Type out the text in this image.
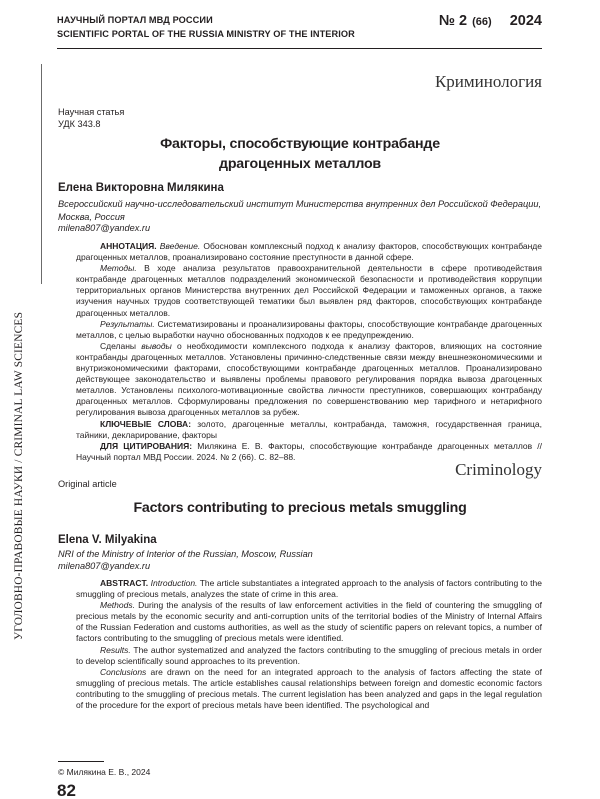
НАУЧНЫЙ ПОРТАЛ МВД РОССИИ
SCIENTIFIC PORTAL OF THE RUSSIA MINISTRY OF THE INTERIOR
№ 2 (66) 2024
УГОЛОВНО-ПРАВОВЫЕ НАУКИ / CRIMINAL LAW SCIENCES
Криминология
Научная статья
УДК 343.8
Факторы, способствующие контрабанде
драгоценных металлов
Елена Викторовна Милякина
Всероссийский научно-исследовательский институт Министерства внутренних дел Российской Федерации,
Москва, Россия
milena807@yandex.ru

АННОТАЦИЯ. Введение. Обоснован комплексный подход к анализу факторов, способствующих контрабанде драгоценных металлов, проанализировано состояние преступности в данной сфере.

Методы. В ходе анализа результатов правоохранительной деятельности в сфере противодействия контрабанде драгоценных металлов подразделений экономической безопасности и противодействия коррупции территориальных органов Министерства внутренних дел Российской Федерации и таможенных органов, а также изучения научных трудов соответствующей тематики был выявлен ряд факторов, способствующих контрабанде драгоценных металлов.

Результаты. Систематизированы и проанализированы факторы, способствующие контрабанде драгоценных металлов, с целью выработки научно обоснованных подходов к ее предупреждению.

Сделаны выводы о необходимости комплексного подхода к анализу факторов, влияющих на состояние контрабанды драгоценных металлов. Установлены причинно-следственные связи между внешнеэкономическими и внутриэкономическими факторами, способствующими контрабанде драгоценных металлов. Проанализировано действующее законодательство и выявлены проблемы правового регулирования порядка вывоза драгоценных металлов. Установлены психолого-мотивационные свойства личности преступников, совершающих контрабанду драгоценных металлов. Сформулированы предложения по совершенствованию мер тарифного и нетарифного регулирования вывоза драгоценных металлов за рубеж.

КЛЮЧЕВЫЕ СЛОВА: золото, драгоценные металлы, контрабанда, таможня, государственная граница, тайники, декларирование, факторы

ДЛЯ ЦИТИРОВАНИЯ: Милякина Е. В. Факторы, способствующие контрабанде драгоценных металлов // Научный портал МВД России. 2024. № 2 (66). С. 82–88.

Criminology
Original article
Factors contributing to precious metals smuggling
Elena V. Milyakina
NRI of the Ministry of Interior of the Russian, Moscow, Russian
milena807@yandex.ru

ABSTRACT. Introduction. The article substantiates a integrated approach to the analysis of factors contributing to the smuggling of precious metals, analyzes the state of crime in this area.

Methods. During the analysis of the results of law enforcement activities in the field of countering the smuggling of precious metals by the economic security and anti-corruption units of the territorial bodies of the Ministry of Internal Affairs of the Russian Federation and customs authorities, as well as the study of scientific papers on relevant topics, a number of factors contributing to the smuggling of precious metals were identified.

Results. The author systematized and analyzed the factors contributing to the smuggling of precious metals in order to develop scientifically sound approaches to its prevention.

Conclusions are drawn on the need for an integrated approach to the analysis of factors affecting the state of smuggling of precious metals. The article establishes causal relationships between foreign and domestic economic factors contributing to the smuggling of precious metals. The current legislation has been analyzed and gaps in the legal regulation of the procedure for the export of precious metals have been identified. The psychological and

© Милякина Е. В., 2024
82
